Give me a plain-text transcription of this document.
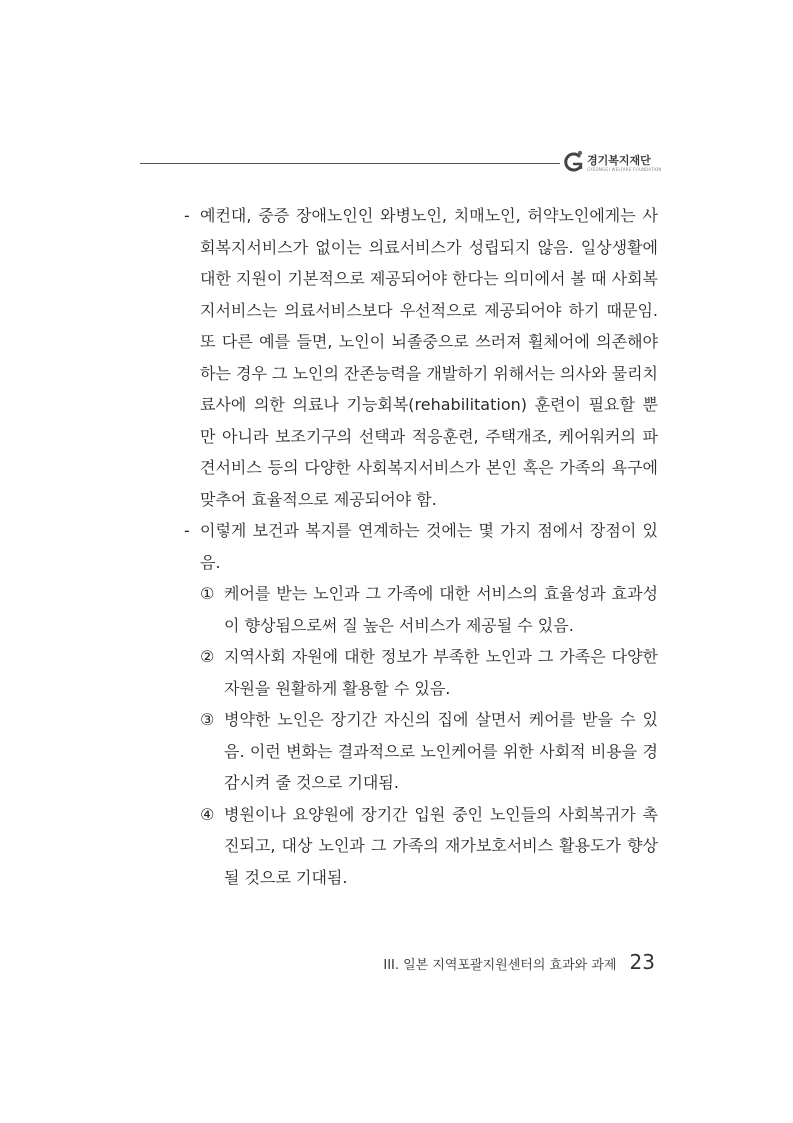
경기복지재단
GYEONGGI WELFARE FOUNDATION
- 예컨대, 중증 장애노인인 와병노인, 치매노인, 허약노인에게는 사회복지서비스가 없이는 의료서비스가 성립되지 않음. 일상생활에 대한 지원이 기본적으로 제공되어야 한다는 의미에서 볼 때 사회복지서비스는 의료서비스보다 우선적으로 제공되어야 하기 때문임. 또 다른 예를 들면, 노인이 뇌졸중으로 쓰러져 휠체어에 의존해야 하는 경우 그 노인의 잔존능력을 개발하기 위해서는 의사와 물리치료사에 의한 의료나 기능회복(rehabilitation) 훈련이 필요할 뿐만 아니라 보조기구의 선택과 적응훈련, 주택개조, 케어워커의 파견서비스 등의 다양한 사회복지서비스가 본인 혹은 가족의 욕구에 맞추어 효율적으로 제공되어야 함.
- 이렇게 보건과 복지를 연계하는 것에는 몇 가지 점에서 장점이 있음.
① 케어를 받는 노인과 그 가족에 대한 서비스의 효율성과 효과성이 향상됨으로써 질 높은 서비스가 제공될 수 있음.
② 지역사회 자원에 대한 정보가 부족한 노인과 그 가족은 다양한 자원을 원활하게 활용할 수 있음.
③ 병약한 노인은 장기간 자신의 집에 살면서 케어를 받을 수 있음. 이런 변화는 결과적으로 노인케어를 위한 사회적 비용을 경감시켜 줄 것으로 기대됨.
④ 병원이나 요양원에 장기간 입원 중인 노인들의 사회복귀가 촉진되고, 대상 노인과 그 가족의 재가보호서비스 활용도가 향상될 것으로 기대됨.
III. 일본 지역포괄지원센터의 효과와 과제 23
